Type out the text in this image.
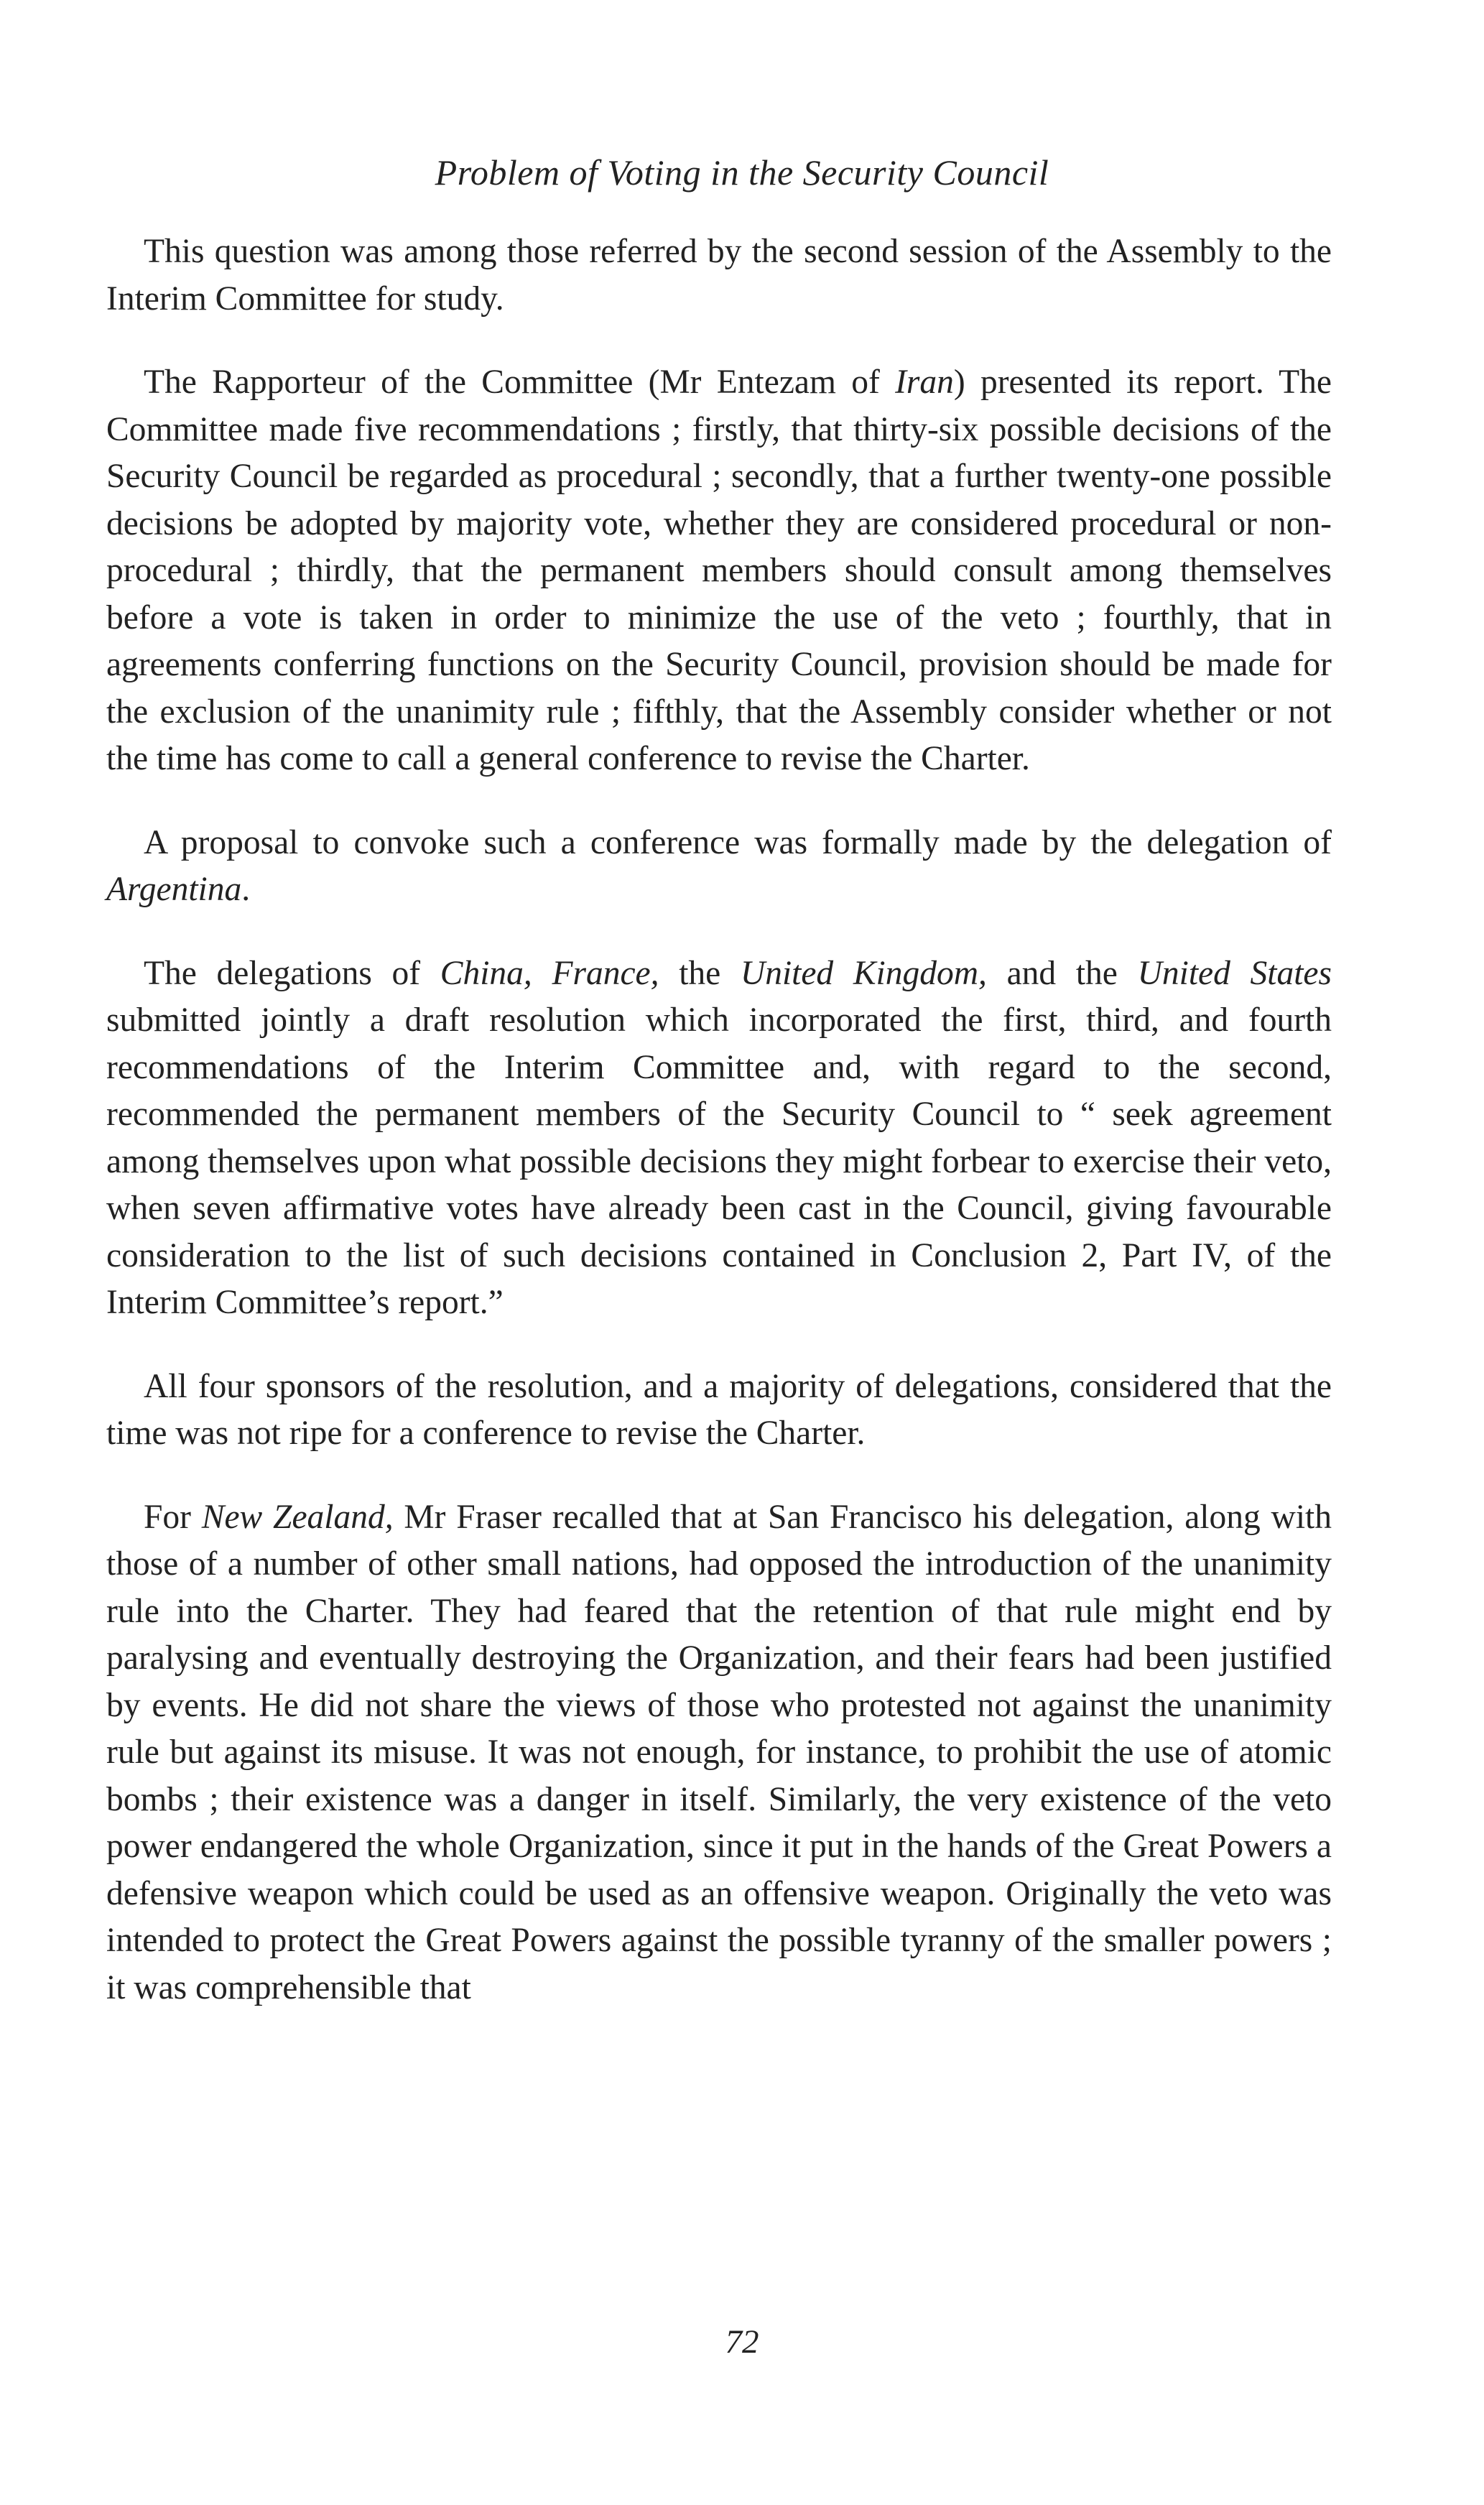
Problem of Voting in the Security Council

This question was among those referred by the second session of the Assembly to the Interim Committee for study.

The Rapporteur of the Committee (Mr Entezam of Iran) presented its report. The Committee made five recommendations ; firstly, that thirty-six possible decisions of the Security Council be regarded as procedural ; secondly, that a further twenty-one possible decisions be adopted by majority vote, whether they are considered procedural or non-procedural ; thirdly, that the permanent members should consult among themselves before a vote is taken in order to minimize the use of the veto ; fourthly, that in agreements conferring functions on the Security Council, provision should be made for the exclusion of the unanimity rule ; fifthly, that the Assembly consider whether or not the time has come to call a general conference to revise the Charter.

A proposal to convoke such a conference was formally made by the delegation of Argentina.

The delegations of China, France, the United Kingdom, and the United States submitted jointly a draft resolution which incorporated the first, third, and fourth recommendations of the Interim Committee and, with regard to the second, recommended the permanent members of the Security Council to “ seek agreement among themselves upon what possible decisions they might forbear to exercise their veto, when seven affirmative votes have already been cast in the Council, giving favourable consideration to the list of such decisions contained in Conclusion 2, Part IV, of the Interim Committee’s report.”

All four sponsors of the resolution, and a majority of delegations, considered that the time was not ripe for a conference to revise the Charter.

For New Zealand, Mr Fraser recalled that at San Francisco his delegation, along with those of a number of other small nations, had opposed the introduction of the unanimity rule into the Charter. They had feared that the retention of that rule might end by paralysing and eventually destroying the Organization, and their fears had been justified by events. He did not share the views of those who protested not against the unanimity rule but against its misuse. It was not enough, for instance, to prohibit the use of atomic bombs ; their existence was a danger in itself. Similarly, the very existence of the veto power endangered the whole Organization, since it put in the hands of the Great Powers a defensive weapon which could be used as an offensive weapon. Originally the veto was intended to protect the Great Powers against the possible tyranny of the smaller powers ; it was comprehensible that

72
